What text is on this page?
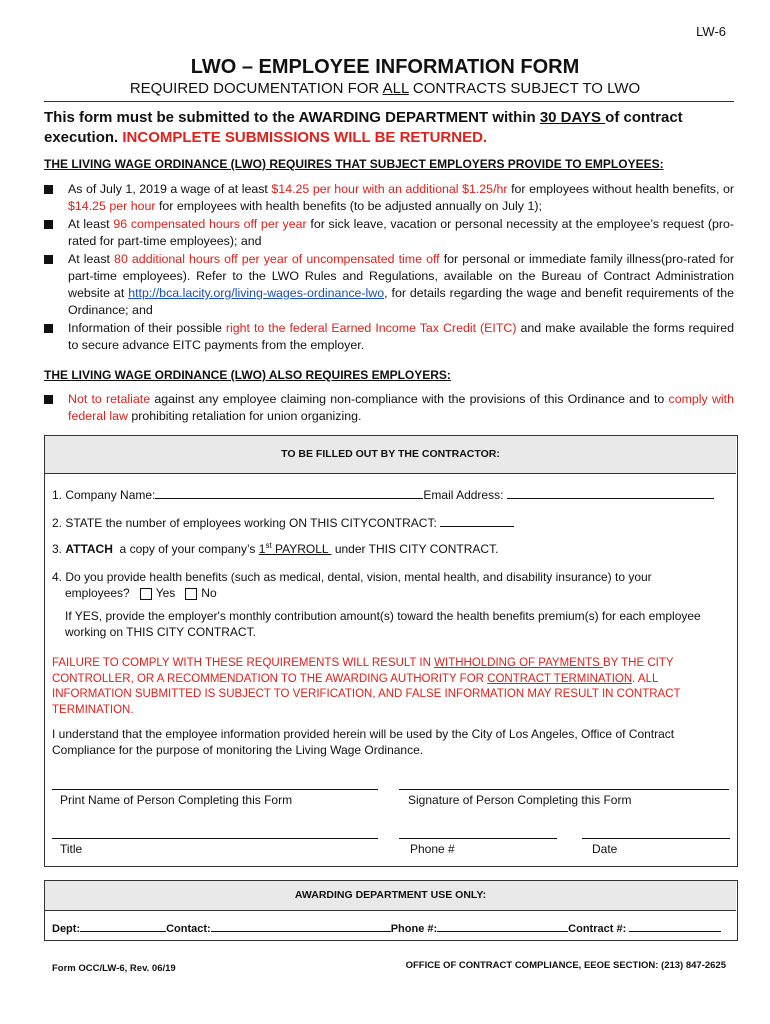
LW-6
LWO – EMPLOYEE INFORMATION FORM
REQUIRED DOCUMENTATION FOR ALL CONTRACTS SUBJECT TO LWO
This form must be submitted to the AWARDING DEPARTMENT within 30 DAYS of contract execution. INCOMPLETE SUBMISSIONS WILL BE RETURNED.
THE LIVING WAGE ORDINANCE (LWO) REQUIRES THAT SUBJECT EMPLOYERS PROVIDE TO EMPLOYEES:
As of July 1, 2019 a wage of at least $14.25 per hour with an additional $1.25/hr for employees without health benefits, or $14.25 per hour for employees with health benefits (to be adjusted annually on July 1);
At least 96 compensated hours off per year for sick leave, vacation or personal necessity at the employee’s request (pro-rated for part-time employees); and
At least 80 additional hours off per year of uncompensated time off for personal or immediate family illness(pro-rated for part-time employees). Refer to the LWO Rules and Regulations, available on the Bureau of Contract Administration website at http://bca.lacity.org/living-wages-ordinance-lwo, for details regarding the wage and benefit requirements of the Ordinance; and
Information of their possible right to the federal Earned Income Tax Credit (EITC) and make available the forms required to secure advance EITC payments from the employer.
THE LIVING WAGE ORDINANCE (LWO) ALSO REQUIRES EMPLOYERS:
Not to retaliate against any employee claiming non-compliance with the provisions of this Ordinance and to comply with federal law prohibiting retaliation for union organizing.
TO BE FILLED OUT BY THE CONTRACTOR:
1. Company Name:	Email Address:
2. STATE the number of employees working ON THIS CITYCONTRACT:
3. ATTACH  a copy of your company’s 1st PAYROLL  under THIS CITY CONTRACT.
4. Do you provide health benefits (such as medical, dental, vision, mental health, and disability insurance) to your
employees? Yes No
If YES, provide the employer's monthly contribution amount(s) toward the health benefits premium(s) for each employee working on THIS CITY CONTRACT.
FAILURE TO COMPLY WITH THESE REQUIREMENTS WILL RESULT IN WITHHOLDING OF PAYMENTS BY THE CITY CONTROLLER, OR A RECOMMENDATION TO THE AWARDING AUTHORITY FOR CONTRACT TERMINATION. ALL INFORMATION SUBMITTED IS SUBJECT TO VERIFICATION, AND FALSE INFORMATION MAY RESULT IN CONTRACT TERMINATION.
I understand that the employee information provided herein will be used by the City of Los Angeles, Office of Contract Compliance for the purpose of monitoring the Living Wage Ordinance.
Print Name of Person Completing this Form	Signature of Person Completing this Form
Title	Phone #	Date
AWARDING DEPARTMENT USE ONLY:
Dept:	Contact:	Phone #:	Contract #:
Form OCC/LW-6, Rev. 06/19	OFFICE OF CONTRACT COMPLIANCE, EEOE SECTION: (213) 847-2625
